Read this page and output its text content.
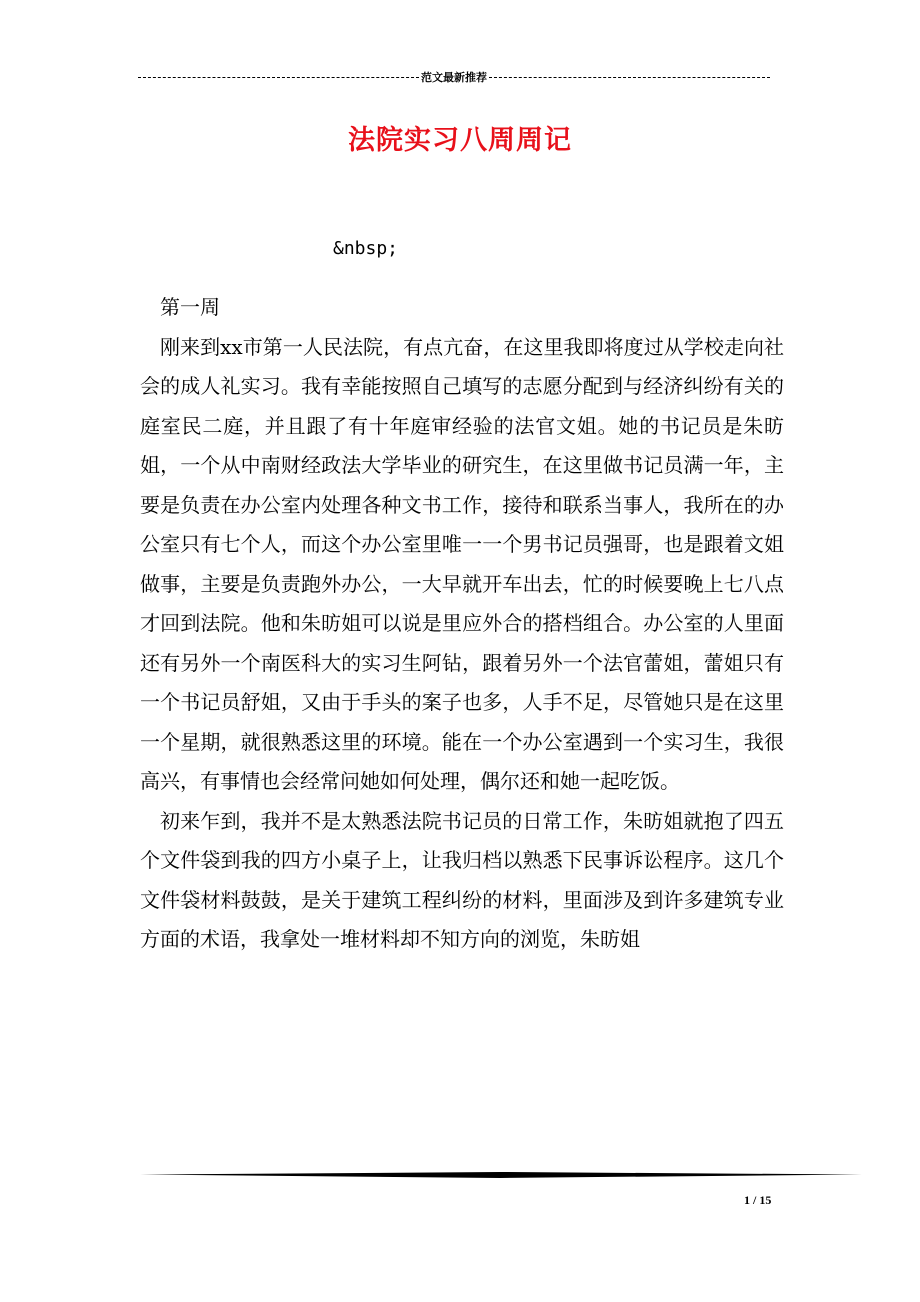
范文最新推荐
法院实习八周周记
&nbsp;

第一周

刚来到xx市第一人民法院，有点亢奋，在这里我即将度过从学校走向社会的成人礼实习。我有幸能按照自己填写的志愿分配到与经济纠纷有关的庭室民二庭，并且跟了有十年庭审经验的法官文姐。她的书记员是朱昉姐，一个从中南财经政法大学毕业的研究生，在这里做书记员满一年，主要是负责在办公室内处理各种文书工作，接待和联系当事人，我所在的办公室只有七个人，而这个办公室里唯一一个男书记员强哥，也是跟着文姐做事，主要是负责跑外办公，一大早就开车出去，忙的时候要晚上七八点才回到法院。他和朱昉姐可以说是里应外合的搭档组合。办公室的人里面还有另外一个南医科大的实习生阿钻，跟着另外一个法官蕾姐，蕾姐只有一个书记员舒姐，又由于手头的案子也多，人手不足，尽管她只是在这里一个星期，就很熟悉这里的环境。能在一个办公室遇到一个实习生，我很高兴，有事情也会经常问她如何处理，偶尔还和她一起吃饭。

初来乍到，我并不是太熟悉法院书记员的日常工作，朱昉姐就抱了四五个文件袋到我的四方小桌子上，让我归档以熟悉下民事诉讼程序。这几个文件袋材料鼓鼓，是关于建筑工程纠纷的材料，里面涉及到许多建筑专业方面的术语，我拿处一堆材料却不知方向的浏览，朱昉姐

1 / 15
